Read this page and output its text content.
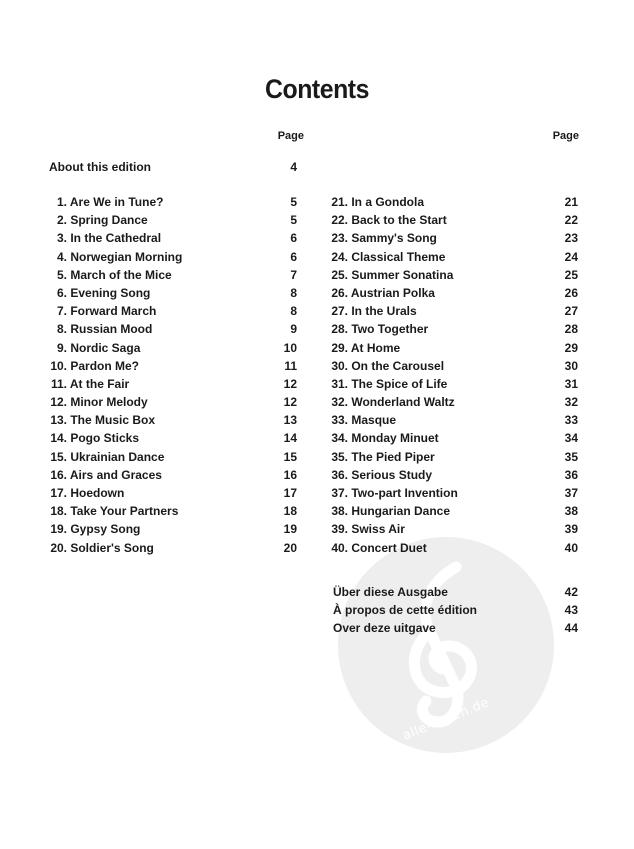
alle-noten.de
Contents
Page	Page
About this edition	4
1. Are We in Tune?	5
2. Spring Dance	5
3. In the Cathedral	6
4. Norwegian Morning	6
5. March of the Mice	7
6. Evening Song	8
7. Forward March	8
8. Russian Mood	9
9. Nordic Saga	10
10. Pardon Me?	11
11. At the Fair	12
12. Minor Melody	12
13. The Music Box	13
14. Pogo Sticks	14
15. Ukrainian Dance	15
16. Airs and Graces	16
17. Hoedown	17
18. Take Your Partners	18
19. Gypsy Song	19
20. Soldier's Song	20
21. In a Gondola	21
22. Back to the Start	22
23. Sammy's Song	23
24. Classical Theme	24
25. Summer Sonatina	25
26. Austrian Polka	26
27. In the Urals	27
28. Two Together	28
29. At Home	29
30. On the Carousel	30
31. The Spice of Life	31
32. Wonderland Waltz	32
33. Masque	33
34. Monday Minuet	34
35. The Pied Piper	35
36. Serious Study	36
37. Two-part Invention	37
38. Hungarian Dance	38
39. Swiss Air	39
40. Concert Duet	40
Über diese Ausgabe	42
À propos de cette édition	43
Over deze uitgave	44
